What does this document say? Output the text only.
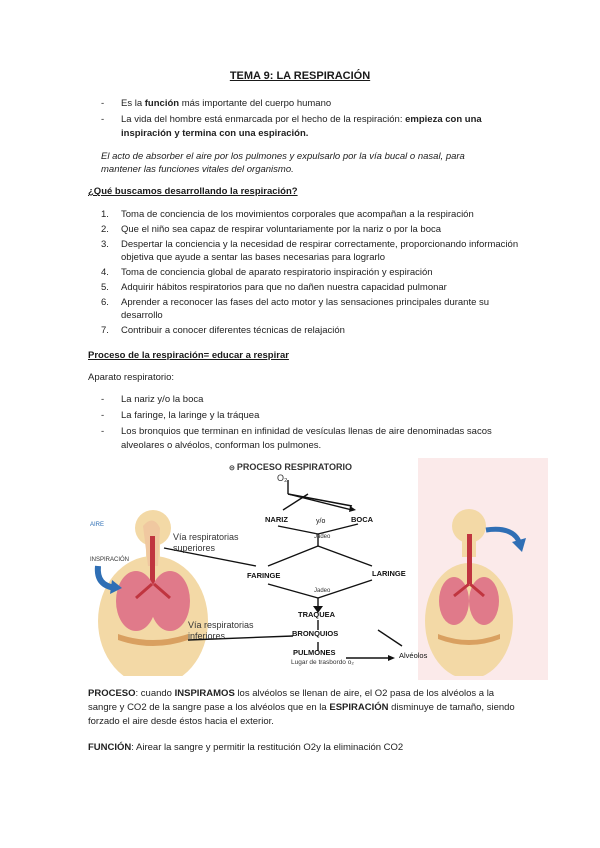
TEMA 9: LA RESPIRACIÓN
- Es la función más importante del cuerpo humano
- La vida del hombre está enmarcada por el hecho de la respiración: empieza con una inspiración y termina con una espiración.
El acto de absorber el aire por los pulmones y expulsarlo por la vía bucal o nasal, para mantener las funciones vitales del organismo.
¿Qué buscamos desarrollando la respiración?
1. Toma de conciencia de los movimientos corporales que acompañan a la respiración
2. Que el niño sea capaz de respirar voluntariamente por la nariz o por la boca
3. Despertar la conciencia y la necesidad de respirar correctamente, proporcionando información objetiva que ayude a sentar las bases necesarias para lograrlo
4. Toma de conciencia global de aparato respiratorio inspiración y espiración
5. Adquirir hábitos respiratorios para que no dañen nuestra capacidad pulmonar
6. Aprender a reconocer las fases del acto motor y las sensaciones principales durante su desarrollo
7. Contribuir a conocer diferentes técnicas de relajación
Proceso de la respiración= educar a respirar
Aparato respiratorio:
- La nariz y/o la boca
- La faringe, la laringe y la tráquea
- Los bronquios que terminan en infinidad de vesículas llenas de aire denominadas sacos alveolares o alvéolos, conforman los pulmones.
AIRE
INSPIRACIÓN
⊝ PROCESO RESPIRATORIO
O₂
NARIZ	y/o	BOCA
Jadeo
FARINGE	LARINGE
Jadeo
TRAQUEA
BRONQUIOS
PULMONES
Lugar de trasbordo o₂
Alvéolos
Vía respiratorias superiores
Vía respiratorias inferiores
PROCESO: cuando INSPIRAMOS los alvéolos se llenan de aire, el O2 pasa de los alvéolos a la sangre y CO2 de la sangre pase a los alvéolos que en la ESPIRACIÓN disminuye de tamaño, siendo forzado el aire desde éstos hacia el exterior.
FUNCIÓN: Airear la sangre y permitir la restitución O2y la eliminación CO2
